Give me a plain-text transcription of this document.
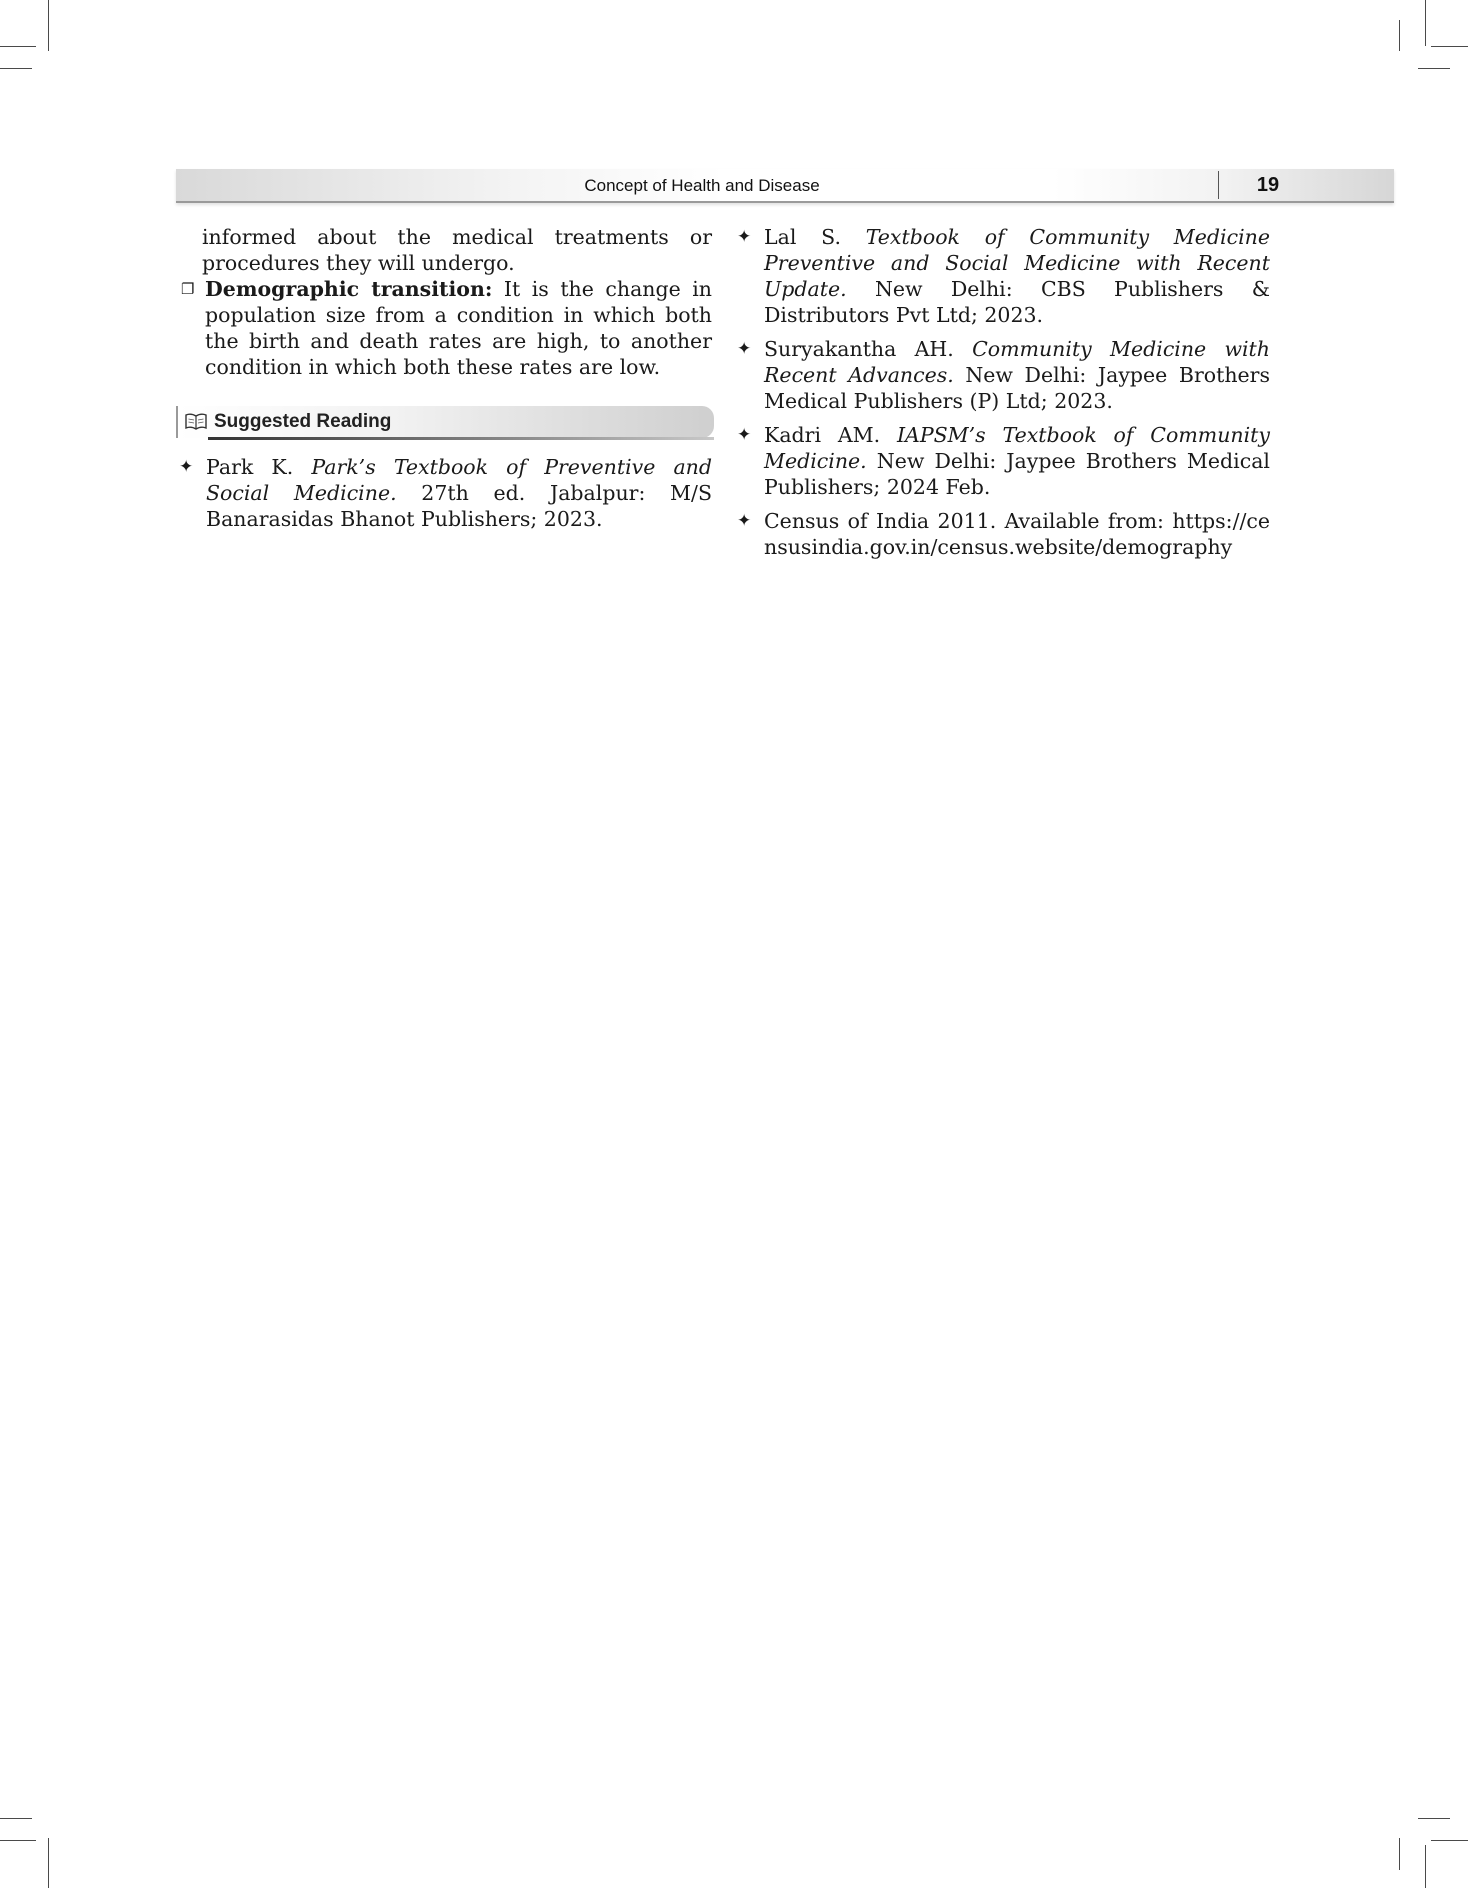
Concept of Health and Disease	19

informed about the medical treatments or procedures they will undergo.

❐ Demographic transition: It is the change in population size from a condition in which both the birth and death rates are high, to another condition in which both these rates are low.
Suggested Reading
✦ Park K. Park’s Textbook of Preventive and Social Medicine. 27th ed. Jabalpur: M/S Banarasidas Bhanot Publishers; 2023.
✦ Lal S. Textbook of Community Medicine Preventive and Social Medicine with Recent Update. New Delhi: CBS Publishers & Distributors Pvt Ltd; 2023.
✦ Suryakantha AH. Community Medicine with Recent Advances. New Delhi: Jaypee Brothers Medical Publishers (P) Ltd; 2023.
✦ Kadri AM. IAPSM’s Textbook of Community Medicine. New Delhi: Jaypee Brothers Medical Publishers; 2024 Feb.
✦ Census of India 2011. Available from: https://censusindia.gov.in/census.website/demography
